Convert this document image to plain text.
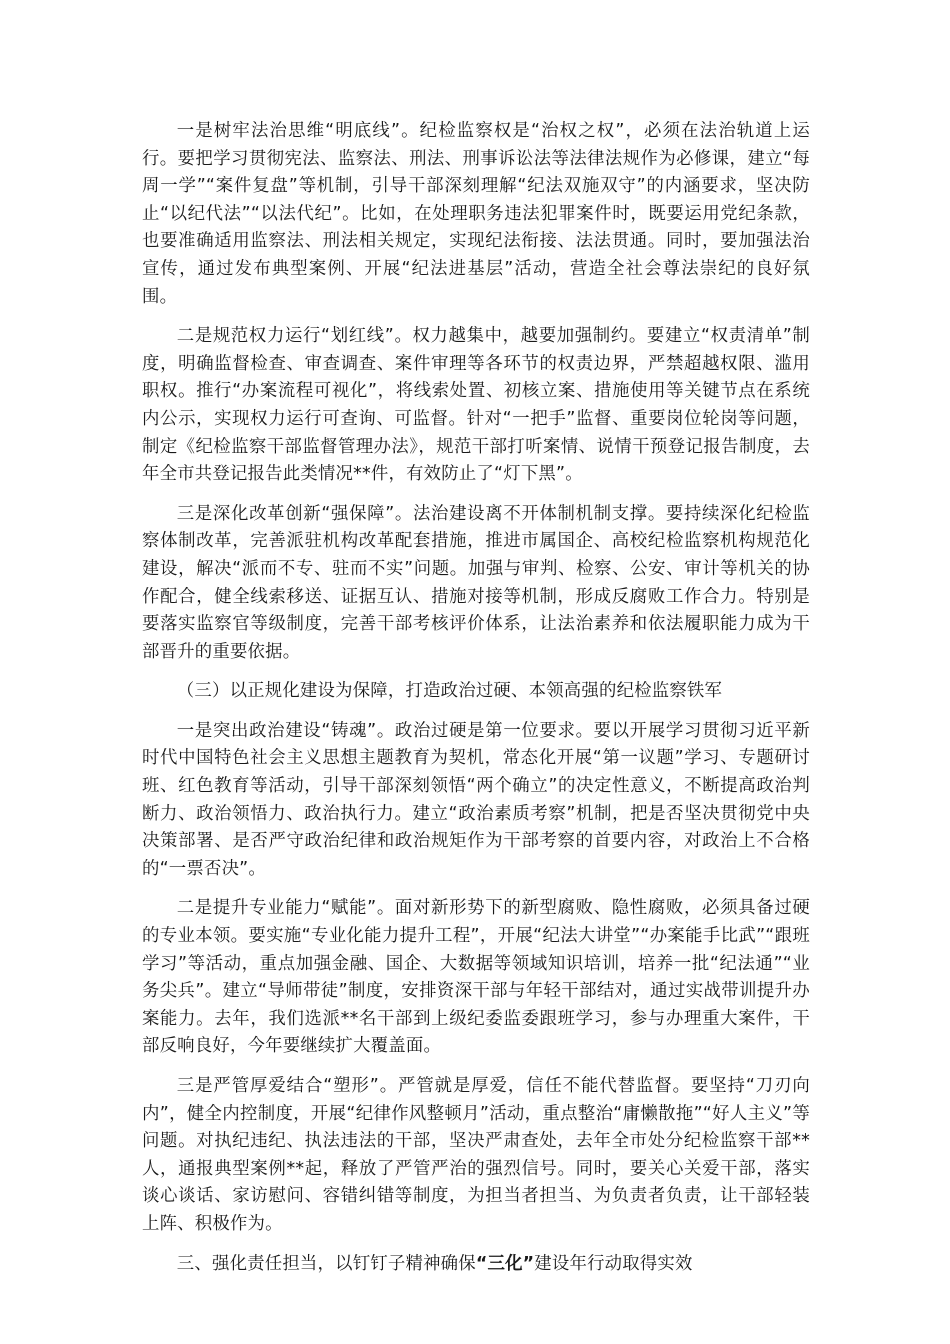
一是树牢法治思维“明底线”。纪检监察权是“治权之权”，必须在法治轨道上运行。要把学习贯彻宪法、监察法、刑法、刑事诉讼法等法律法规作为必修课，建立“每周一学”“案件复盘”等机制，引导干部深刻理解“纪法双施双守”的内涵要求，坚决防止“以纪代法”“以法代纪”。比如，在处理职务违法犯罪案件时，既要运用党纪条款，也要准确适用监察法、刑法相关规定，实现纪法衔接、法法贯通。同时，要加强法治宣传，通过发布典型案例、开展“纪法进基层”活动，营造全社会尊法崇纪的良好氛围。

二是规范权力运行“划红线”。权力越集中，越要加强制约。要建立“权责清单”制度，明确监督检查、审查调查、案件审理等各环节的权责边界，严禁超越权限、滥用职权。推行“办案流程可视化”，将线索处置、初核立案、措施使用等关键节点在系统内公示，实现权力运行可查询、可监督。针对“一把手”监督、重要岗位轮岗等问题，制定《纪检监察干部监督管理办法》，规范干部打听案情、说情干预登记报告制度，去年全市共登记报告此类情况**件，有效防止了“灯下黑”。

三是深化改革创新“强保障”。法治建设离不开体制机制支撑。要持续深化纪检监察体制改革，完善派驻机构改革配套措施，推进市属国企、高校纪检监察机构规范化建设，解决“派而不专、驻而不实”问题。加强与审判、检察、公安、审计等机关的协作配合，健全线索移送、证据互认、措施对接等机制，形成反腐败工作合力。特别是要落实监察官等级制度，完善干部考核评价体系，让法治素养和依法履职能力成为干部晋升的重要依据。

（三）以正规化建设为保障，打造政治过硬、本领高强的纪检监察铁军

一是突出政治建设“铸魂”。政治过硬是第一位要求。要以开展学习贯彻习近平新时代中国特色社会主义思想主题教育为契机，常态化开展“第一议题”学习、专题研讨班、红色教育等活动，引导干部深刻领悟“两个确立”的决定性意义，不断提高政治判断力、政治领悟力、政治执行力。建立“政治素质考察”机制，把是否坚决贯彻党中央决策部署、是否严守政治纪律和政治规矩作为干部考察的首要内容，对政治上不合格的“一票否决”。

二是提升专业能力“赋能”。面对新形势下的新型腐败、隐性腐败，必须具备过硬的专业本领。要实施“专业化能力提升工程”，开展“纪法大讲堂”“办案能手比武”“跟班学习”等活动，重点加强金融、国企、大数据等领域知识培训，培养一批“纪法通”“业务尖兵”。建立“导师带徒”制度，安排资深干部与年轻干部结对，通过实战带训提升办案能力。去年，我们选派**名干部到上级纪委监委跟班学习，参与办理重大案件，干部反响良好，今年要继续扩大覆盖面。

三是严管厚爱结合“塑形”。严管就是厚爱，信任不能代替监督。要坚持“刀刃向内”，健全内控制度，开展“纪律作风整顿月”活动，重点整治“庸懒散拖”“好人主义”等问题。对执纪违纪、执法违法的干部，坚决严肃查处，去年全市处分纪检监察干部**人，通报典型案例**起，释放了严管严治的强烈信号。同时，要关心关爱干部，落实谈心谈话、家访慰问、容错纠错等制度，为担当者担当、为负责者负责，让干部轻装上阵、积极作为。

三、强化责任担当，以钉钉子精神确保“三化”建设年行动取得实效
